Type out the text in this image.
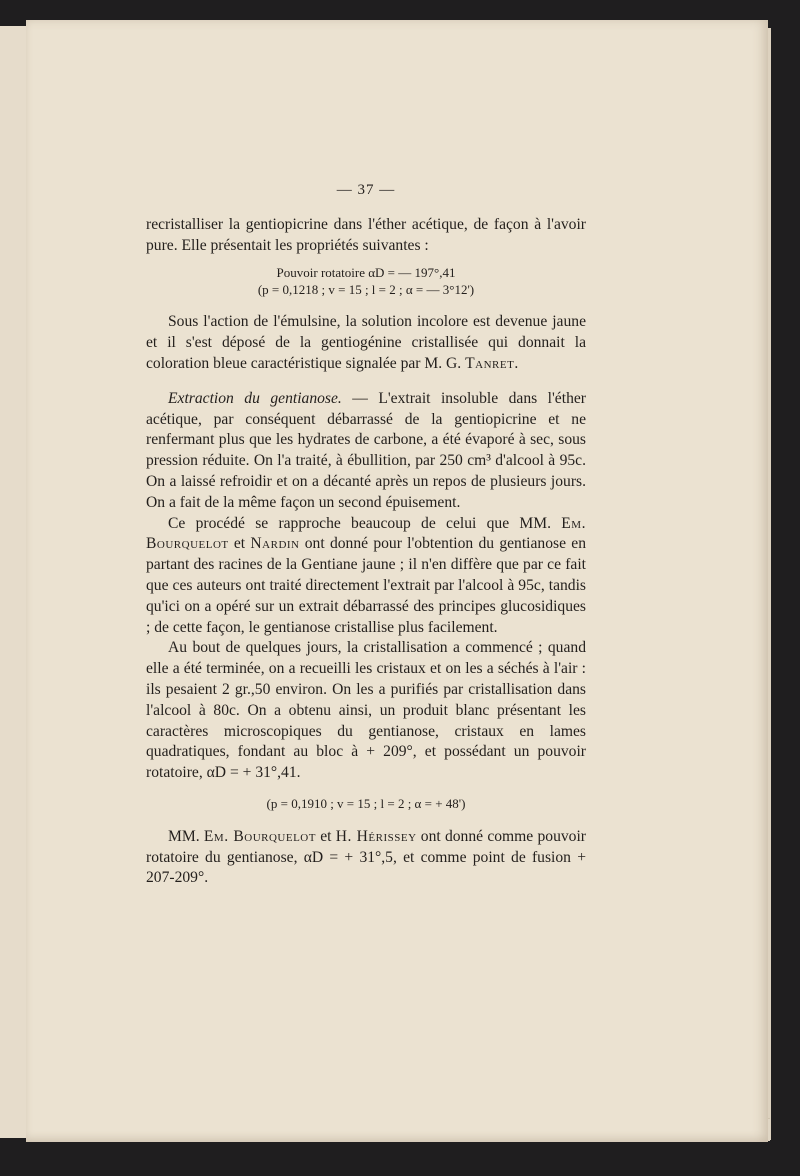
— 37 —

recristalliser la gentiopicrine dans l'éther acétique, de façon à l'avoir pure. Elle présentait les propriétés suivantes :

Pouvoir rotatoire αD = — 197°,41
(p = 0,1218 ; v = 15 ; l = 2 ; α = — 3°12')

Sous l'action de l'émulsine, la solution incolore est devenue jaune et il s'est déposé de la gentiogénine cristallisée qui donnait la coloration bleue caractéristique signalée par M. G. Tanret.

Extraction du gentianose. — L'extrait insoluble dans l'éther acétique, par conséquent débarrassé de la gentiopicrine et ne renfermant plus que les hydrates de carbone, a été évaporé à sec, sous pression réduite. On l'a traité, à ébullition, par 250 cm³ d'alcool à 95c. On a laissé refroidir et on a décanté après un repos de plusieurs jours. On a fait de la même façon un second épuisement.

Ce procédé se rapproche beaucoup de celui que MM. Em. Bourquelot et Nardin ont donné pour l'obtention du gentianose en partant des racines de la Gentiane jaune ; il n'en diffère que par ce fait que ces auteurs ont traité directement l'extrait par l'alcool à 95c, tandis qu'ici on a opéré sur un extrait débarrassé des principes glucosidiques ; de cette façon, le gentianose cristallise plus facilement.

Au bout de quelques jours, la cristallisation a commencé ; quand elle a été terminée, on a recueilli les cristaux et on les a séchés à l'air : ils pesaient 2 gr.,50 environ. On les a purifiés par cristallisation dans l'alcool à 80c. On a obtenu ainsi, un produit blanc présentant les caractères microscopiques du gentianose, cristaux en lames quadratiques, fondant au bloc à + 209°, et possédant un pouvoir rotatoire, αD = + 31°,41.

(p = 0,1910 ; v = 15 ; l = 2 ; α = + 48')

MM. Em. Bourquelot et H. Hérissey ont donné comme pouvoir rotatoire du gentianose, αD = + 31°,5, et comme point de fusion + 207-209°.
